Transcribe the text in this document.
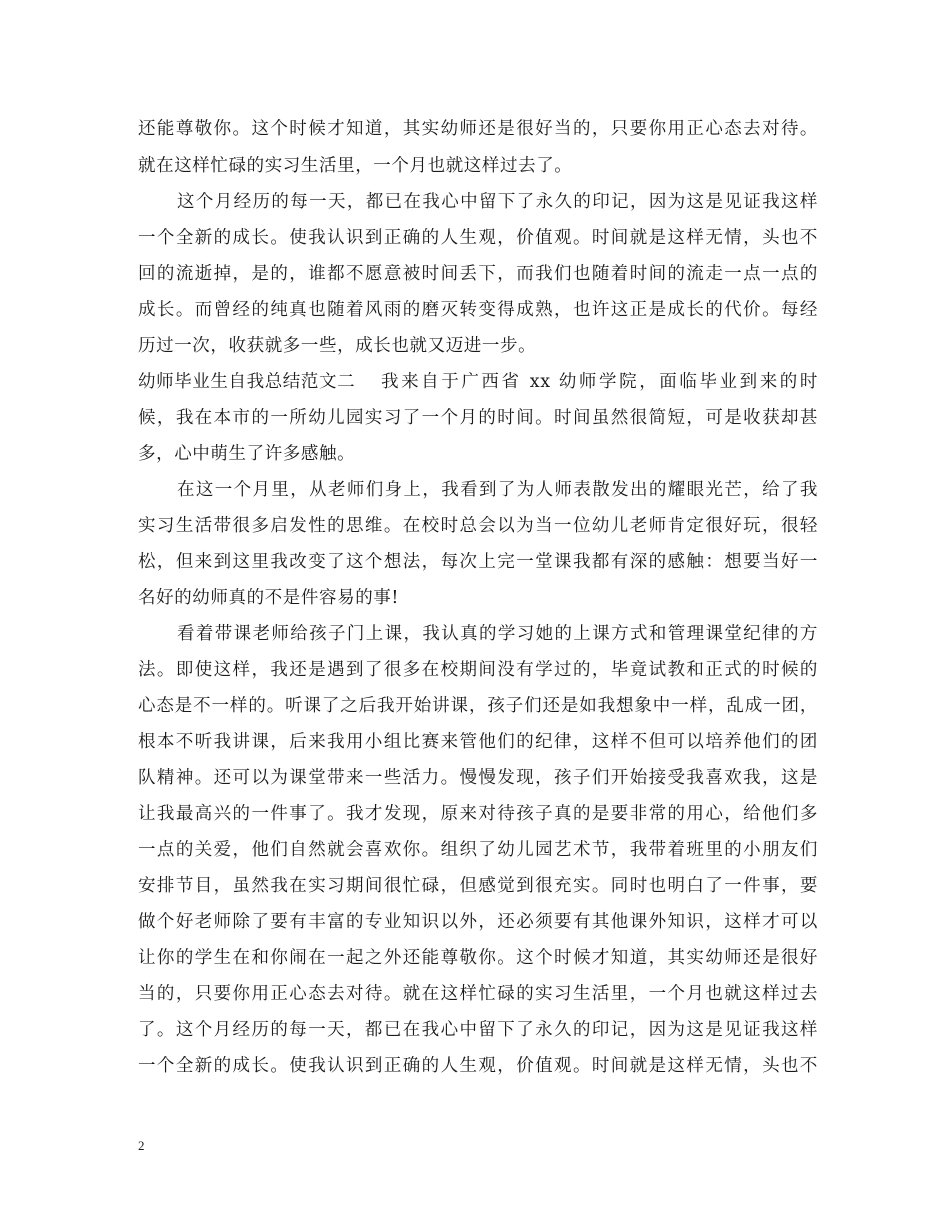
还能尊敬你。这个时候才知道，其实幼师还是很好当的，只要你用正心态去对待。
就在这样忙碌的实习生活里，一个月也就这样过去了。
这个月经历的每一天，都已在我心中留下了永久的印记，因为这是见证我这样
一个全新的成长。使我认识到正确的人生观，价值观。时间就是这样无情，头也不
回的流逝掉，是的，谁都不愿意被时间丢下，而我们也随着时间的流走一点一点的
成长。而曾经的纯真也随着风雨的磨灭转变得成熟，也许这正是成长的代价。每经
历过一次，收获就多一些，成长也就又迈进一步。
幼师毕业生自我总结范文二 我来自于广西省 xx 幼师学院，面临毕业到来的时
候，我在本市的一所幼儿园实习了一个月的时间。时间虽然很简短，可是收获却甚
多，心中萌生了许多感触。
在这一个月里，从老师们身上，我看到了为人师表散发出的耀眼光芒，给了我
实习生活带很多启发性的思维。在校时总会以为当一位幼儿老师肯定很好玩，很轻
松，但来到这里我改变了这个想法，每次上完一堂课我都有深的感触：想要当好一
名好的幼师真的不是件容易的事!
看着带课老师给孩子门上课，我认真的学习她的上课方式和管理课堂纪律的方
法。即使这样，我还是遇到了很多在校期间没有学过的，毕竟试教和正式的时候的
心态是不一样的。听课了之后我开始讲课，孩子们还是如我想象中一样，乱成一团，
根本不听我讲课，后来我用小组比赛来管他们的纪律，这样不但可以培养他们的团
队精神。还可以为课堂带来一些活力。慢慢发现，孩子们开始接受我喜欢我，这是
让我最高兴的一件事了。我才发现，原来对待孩子真的是要非常的用心，给他们多
一点的关爱，他们自然就会喜欢你。组织了幼儿园艺术节，我带着班里的小朋友们
安排节目，虽然我在实习期间很忙碌，但感觉到很充实。同时也明白了一件事，要
做个好老师除了要有丰富的专业知识以外，还必须要有其他课外知识，这样才可以
让你的学生在和你闹在一起之外还能尊敬你。这个时候才知道，其实幼师还是很好
当的，只要你用正心态去对待。就在这样忙碌的实习生活里，一个月也就这样过去
了。这个月经历的每一天，都已在我心中留下了永久的印记，因为这是见证我这样
一个全新的成长。使我认识到正确的人生观，价值观。时间就是这样无情，头也不
2
